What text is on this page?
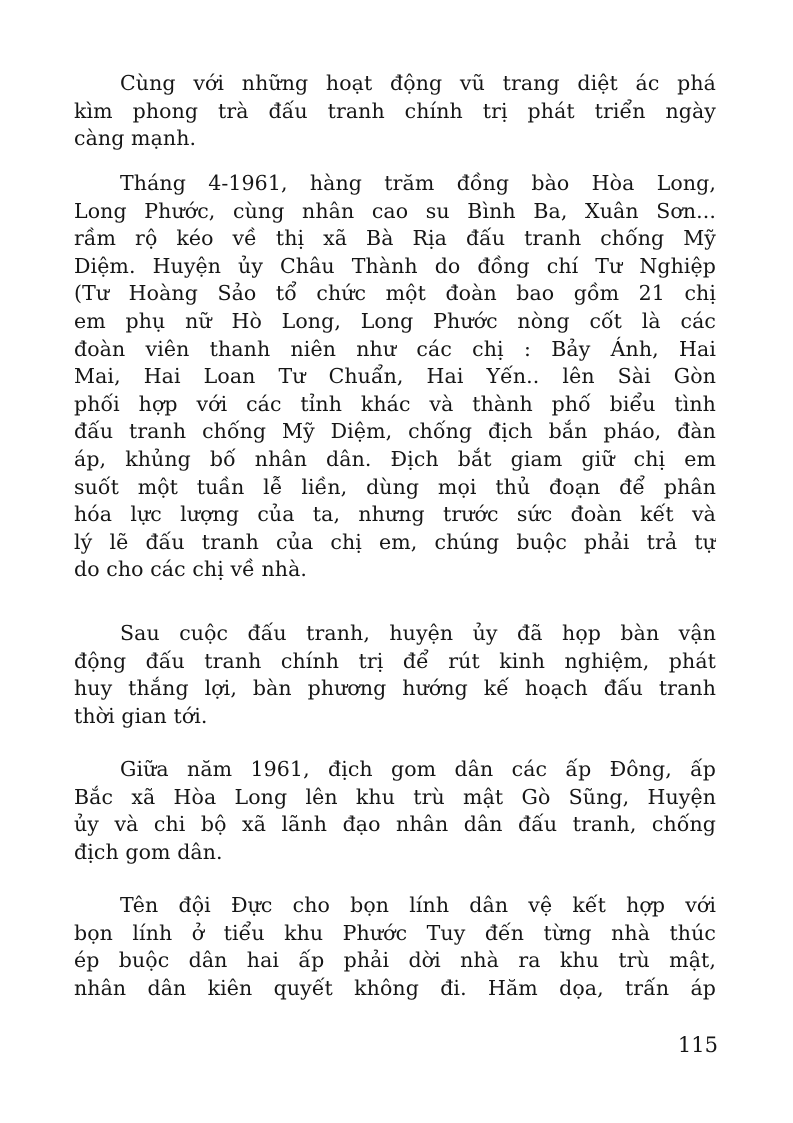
Cùng với những hoạt động vũ trang diệt ác phá
kìm phong trà đấu tranh chính trị phát triển ngày
càng mạnh.
Tháng 4-1961, hàng trăm đồng bào Hòa Long,
Long Phước, cùng nhân cao su Bình Ba, Xuân Sơn...
rầm rộ kéo về thị xã Bà Rịa đấu tranh chống Mỹ
Diệm. Huyện ủy Châu Thành do đồng chí Tư Nghiệp
(Tư Hoàng Sảo tổ chức một đoàn bao gồm 21 chị
em phụ nữ Hò Long, Long Phước nòng cốt là các
đoàn viên thanh niên như các chị : Bảy Ánh, Hai
Mai, Hai Loan Tư Chuẩn, Hai Yến.. lên Sài Gòn
phối hợp với các tỉnh khác và thành phố biểu tình
đấu tranh chống Mỹ Diệm, chống địch bắn pháo, đàn
áp, khủng bố nhân dân. Địch bắt giam giữ chị em
suốt một tuần lễ liền, dùng mọi thủ đoạn để phân
hóa lực lượng của ta, nhưng trước sức đoàn kết và
lý lẽ đấu tranh của chị em, chúng buộc phải trả tự
do cho các chị về nhà.
Sau cuộc đấu tranh, huyện ủy đã họp bàn vận
động đấu tranh chính trị để rút kinh nghiệm, phát
huy thắng lợi, bàn phương hướng kế hoạch đấu tranh
thời gian tới.
Giữa năm 1961, địch gom dân các ấp Đông, ấp
Bắc xã Hòa Long lên khu trù mật Gò Sũng, Huyện
ủy và chi bộ xã lãnh đạo nhân dân đấu tranh, chống
địch gom dân.
Tên đội Đực cho bọn lính dân vệ kết hợp với
bọn lính ở tiểu khu Phước Tuy đến từng nhà thúc
ép buộc dân hai ấp phải dời nhà ra khu trù mật,
nhân dân kiên quyết không đi. Hăm dọa, trấn áp
115
